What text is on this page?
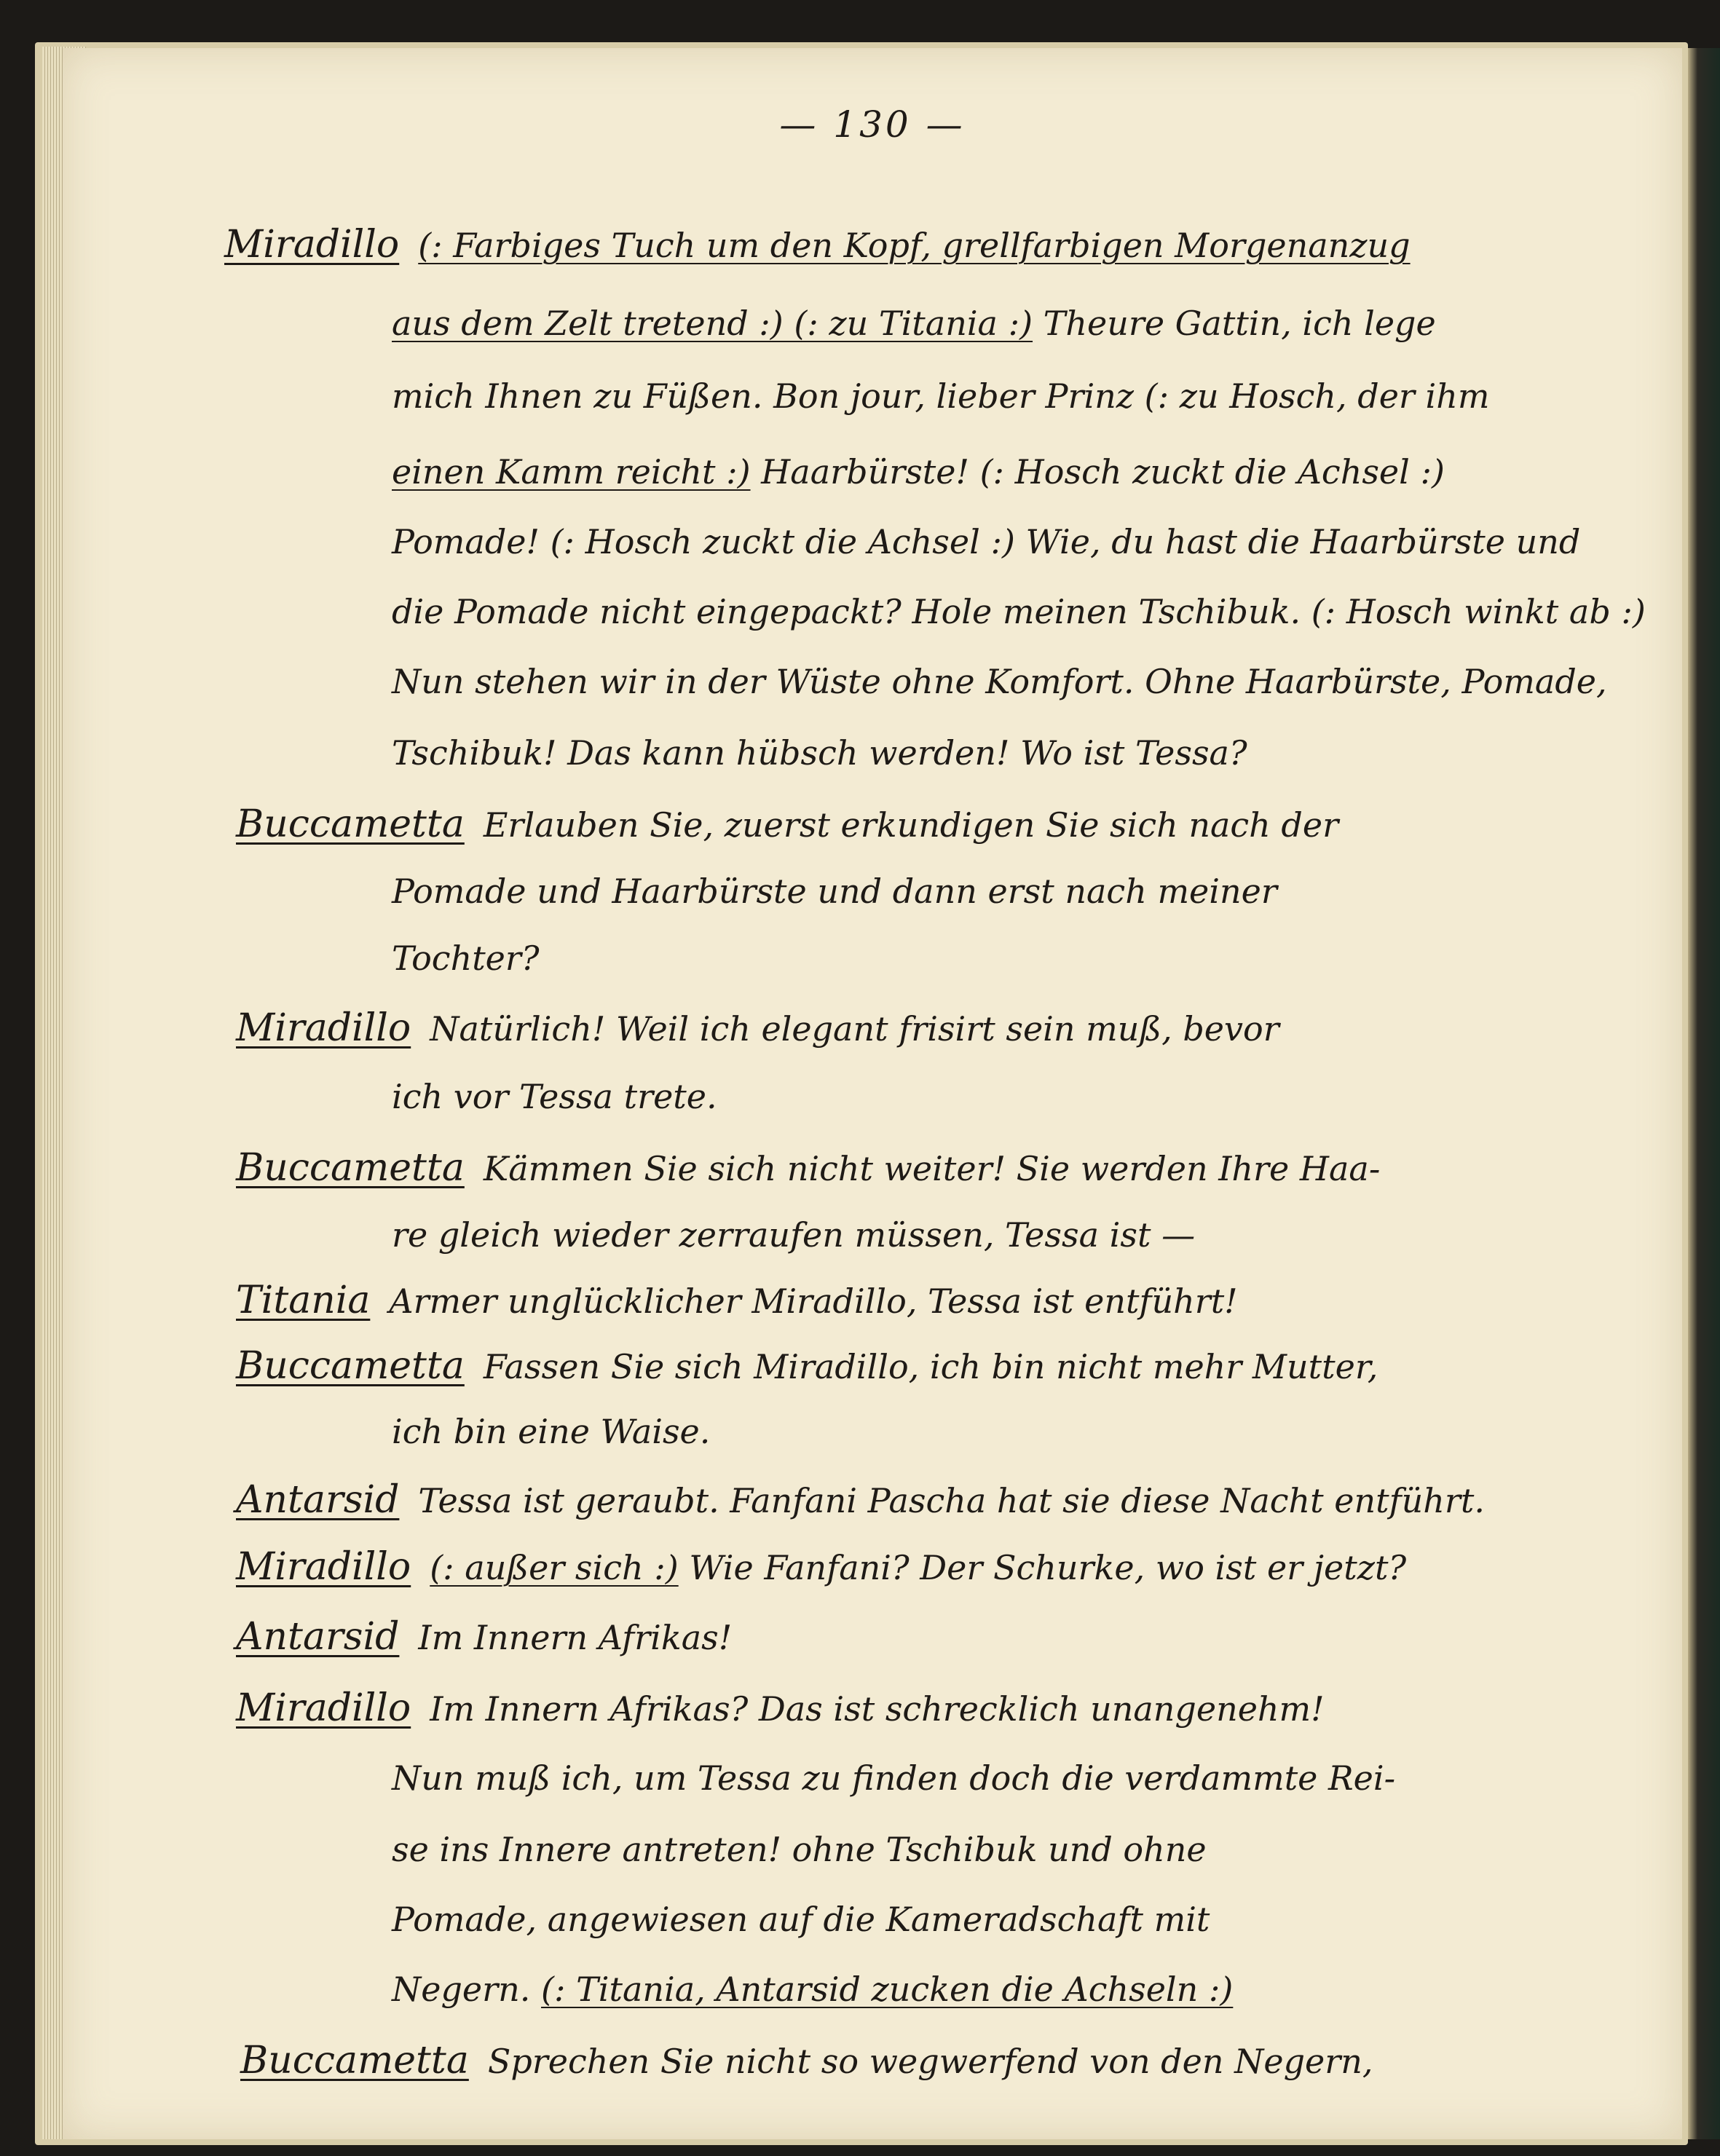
— 130 —
Miradillo (: Farbiges Tuch um den Kopf, grellfarbigen Morgenanzug
aus dem Zelt tretend :) (: zu Titania :) Theure Gattin, ich lege
mich Ihnen zu Füßen. Bon jour, lieber Prinz (: zu Hosch, der ihm
einen Kamm reicht :) Haarbürste! (: Hosch zuckt die Achsel :)
Pomade! (: Hosch zuckt die Achsel :) Wie, du hast die Haarbürste und
die Pomade nicht eingepackt? Hole meinen Tschibuk. (: Hosch winkt ab :)
Nun stehen wir in der Wüste ohne Komfort. Ohne Haarbürste, Pomade,
Tschibuk! Das kann hübsch werden! Wo ist Tessa?
Buccametta Erlauben Sie, zuerst erkundigen Sie sich nach der
Pomade und Haarbürste und dann erst nach meiner
Tochter?
Miradillo Natürlich! Weil ich elegant frisirt sein muß, bevor
ich vor Tessa trete.
Buccametta Kämmen Sie sich nicht weiter! Sie werden Ihre Haa-
re gleich wieder zerraufen müssen, Tessa ist —
Titania Armer unglücklicher Miradillo, Tessa ist entführt!
Buccametta Fassen Sie sich Miradillo, ich bin nicht mehr Mutter,
ich bin eine Waise.
Antarsid Tessa ist geraubt. Fanfani Pascha hat sie diese Nacht entführt.
Miradillo (: außer sich :) Wie Fanfani? Der Schurke, wo ist er jetzt?
Antarsid Im Innern Afrikas!
Miradillo Im Innern Afrikas? Das ist schrecklich unangenehm!
Nun muß ich, um Tessa zu finden doch die verdammte Rei-
se ins Innere antreten! ohne Tschibuk und ohne
Pomade, angewiesen auf die Kameradschaft mit
Negern. (: Titania, Antarsid zucken die Achseln :)
Buccametta Sprechen Sie nicht so wegwerfend von den Negern,
